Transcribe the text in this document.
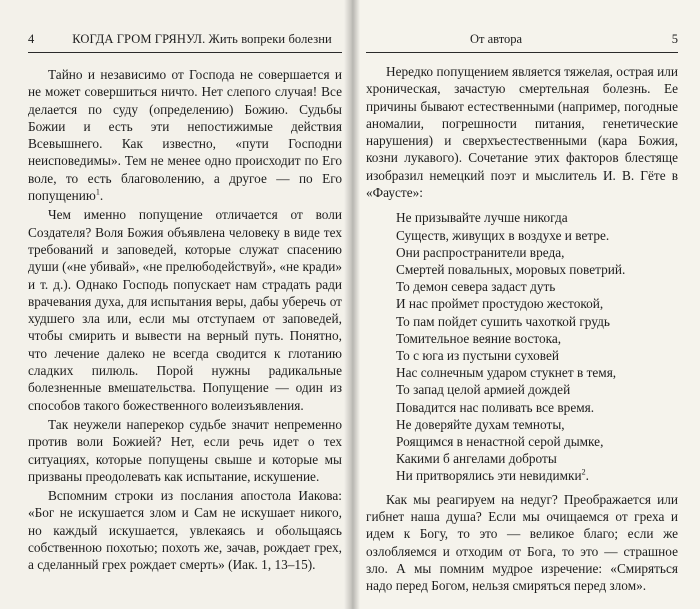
4	КОГДА ГРОМ ГРЯНУЛ. Жить вопреки болезни

Тайно и независимо от Господа не совершается и не может совершиться ничто. Нет слепого случая! Все делается по суду (определению) Божию. Судьбы Божии и есть эти непостижимые действия Всевышнего. Как известно, «пути Господни неисповедимы». Тем не менее одно происходит по Его воле, то есть благоволению, а другое — по Его попущению$^1$.

Чем именно попущение отличается от воли Создателя? Воля Божия объявлена человеку в виде тех требований и заповедей, которые служат спасению души («не убивай», «не прелюбодействуй», «не кради» и т. д.). Однако Господь попускает нам страдать ради врачевания духа, для испытания веры, дабы уберечь от худшего зла или, если мы отступаем от заповедей, чтобы смирить и вывести на верный путь. Понятно, что лечение далеко не всегда сводится к глотанию сладких пилюль. Порой нужны радикальные болезненные вмешательства. Попущение — один из способов такого божественного волеизъявления.

Так неужели наперекор судьбе значит непременно против воли Божией? Нет, если речь идет о тех ситуациях, которые попущены свыше и которые мы призваны преодолевать как испытание, искушение.

Вспомним строки из послания апостола Иакова: «Бог не искушается злом и Сам не искушает никого, но каждый искушается, увлекаясь и обольщаясь собственною похотью; похоть же, зачав, рождает грех, а сделанный грех рождает смерть» (Иак. 1, 13–15).

От автора	5

Нередко попущением является тяжелая, острая или хроническая, зачастую смертельная болезнь. Ее причины бывают естественными (например, погодные аномалии, погрешности питания, генетические нарушения) и сверхъестественными (кара Божия, козни лукавого). Сочетание этих факторов блестяще изобразил немецкий поэт и мыслитель И. В. Гёте в «Фаусте»:

Не призывайте лучше никогда
Существ, живущих в воздухе и ветре.
Они распространители вреда,
Смертей повальных, моровых поветрий.
То демон севера задаст дуть
И нас проймет простудою жестокой,
То пам пойдет сушить чахоткой грудь
Томительное веяние востока,
То с юга из пустыни суховей
Нас солнечным ударом стукнет в темя,
То запад целой армией дождей
Повадится нас поливать все время.
Не доверяйте духам темноты,
Роящимся в ненастной серой дымке,
Какими б ангелами доброты
Ни притворялись эти невидимки$^2$.

Как мы реагируем на недуг? Преображается или гибнет наша душа? Если мы очищаемся от греха и идем к Богу, то это — великое благо; если же озлобляемся и отходим от Бога, то это — страшное зло. А мы помним мудрое изречение: «Смиряться надо перед Богом, нельзя смиряться перед злом».
